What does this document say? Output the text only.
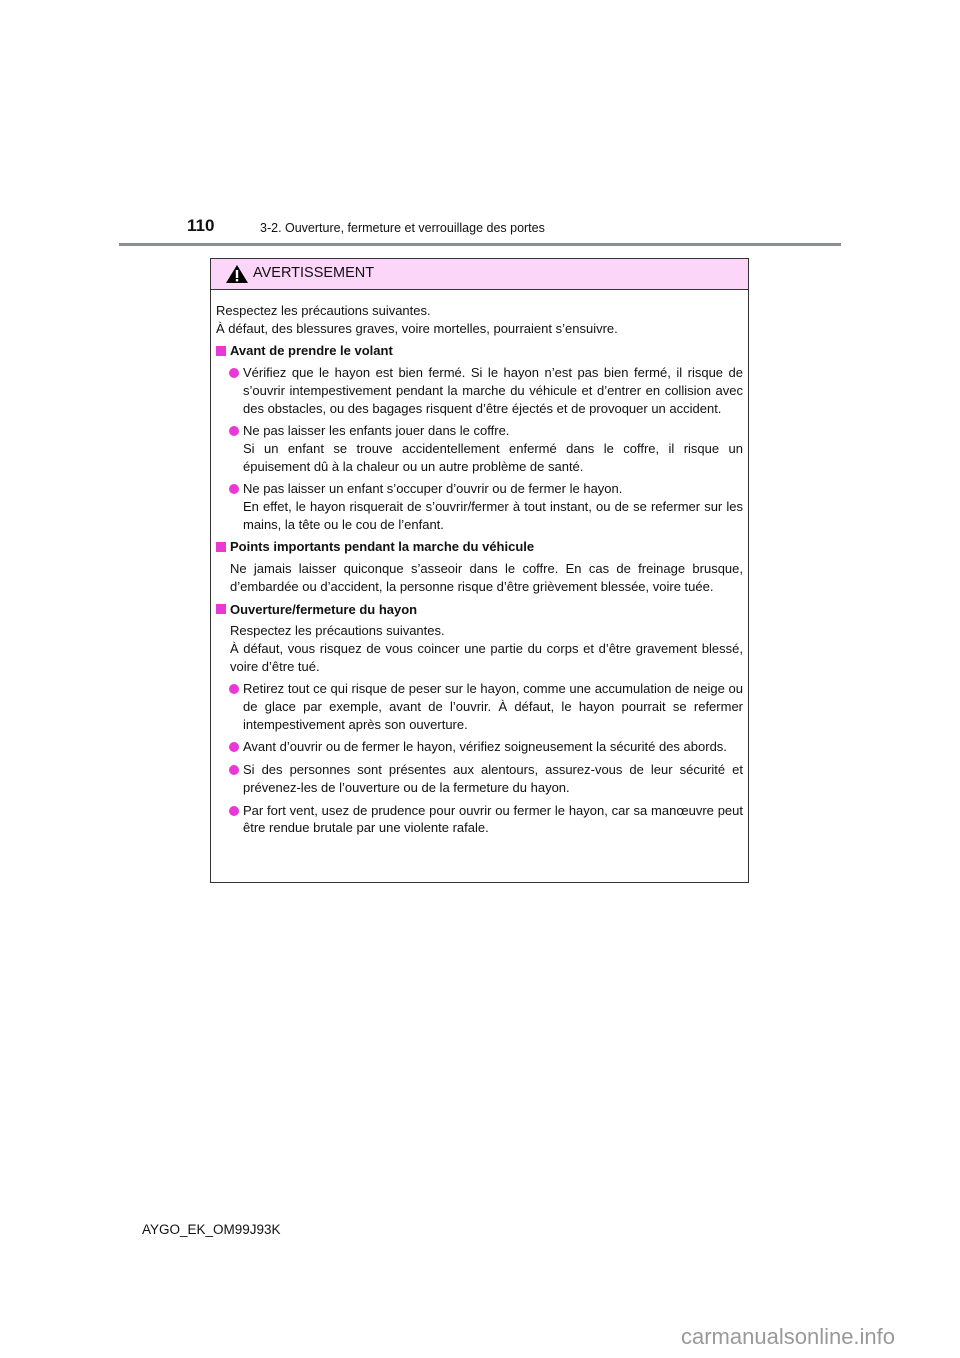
110	3-2. Ouverture, fermeture et verrouillage des portes
AVERTISSEMENT
Respectez les précautions suivantes.
À défaut, des blessures graves, voire mortelles, pourraient s’ensuivre.
Avant de prendre le volant

Vérifiez que le hayon est bien fermé. Si le hayon n’est pas bien fermé, il risque de s’ouvrir intempestivement pendant la marche du véhicule et d’entrer en collision avec des obstacles, ou des bagages risquent d’être éjectés et de provoquer un accident.

Ne pas laisser les enfants jouer dans le coffre.
Si un enfant se trouve accidentellement enfermé dans le coffre, il risque un épuisement dû à la chaleur ou un autre problème de santé.

Ne pas laisser un enfant s’occuper d’ouvrir ou de fermer le hayon.
En effet, le hayon risquerait de s’ouvrir/fermer à tout instant, ou de se refermer sur les mains, la tête ou le cou de l’enfant.

Points importants pendant la marche du véhicule

Ne jamais laisser quiconque s’asseoir dans le coffre. En cas de freinage brusque, d’embardée ou d’accident, la personne risque d’être grièvement blessée, voire tuée.

Ouverture/fermeture du hayon

Respectez les précautions suivantes.
À défaut, vous risquez de vous coincer une partie du corps et d’être gravement blessé, voire d’être tué.

Retirez tout ce qui risque de peser sur le hayon, comme une accumulation de neige ou de glace par exemple, avant de l’ouvrir. À défaut, le hayon pourrait se refermer intempestivement après son ouverture.

Avant d’ouvrir ou de fermer le hayon, vérifiez soigneusement la sécurité des abords.

Si des personnes sont présentes aux alentours, assurez-vous de leur sécurité et prévenez-les de l’ouverture ou de la fermeture du hayon.

Par fort vent, usez de prudence pour ouvrir ou fermer le hayon, car sa manœuvre peut être rendue brutale par une violente rafale.

AYGO_EK_OM99J93K
carmanualsonline.info
